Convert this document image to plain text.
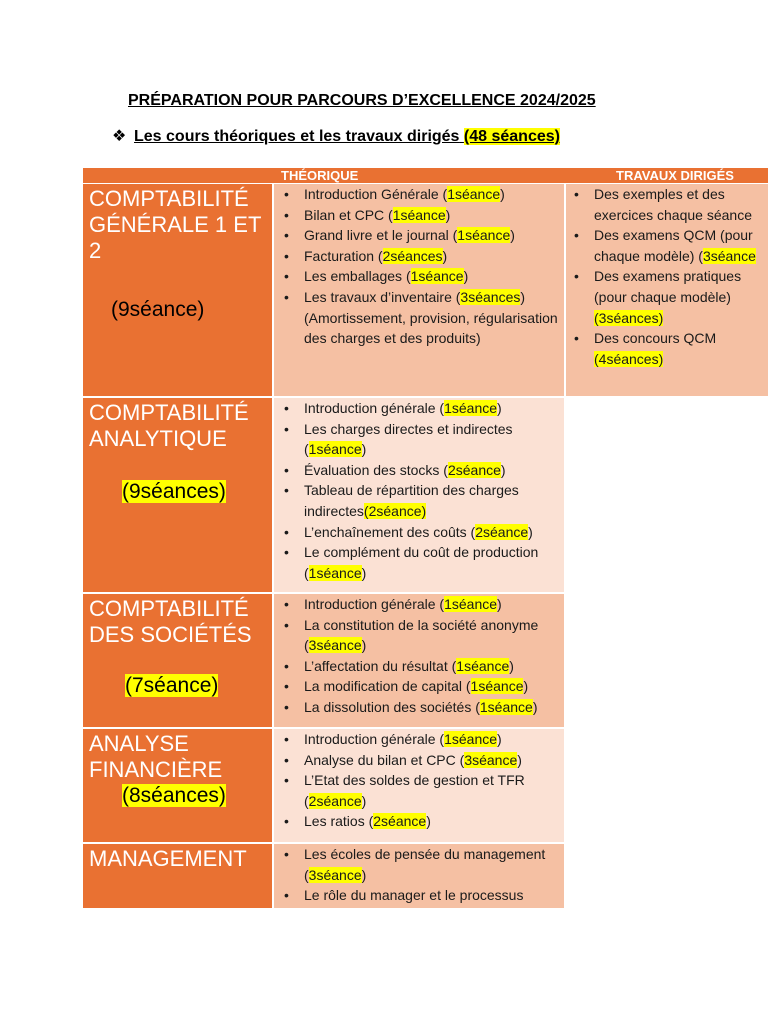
PRÉPARATION POUR PARCOURS D’EXCELLENCE 2024/2025
❖ Les cours théoriques et les travaux dirigés (48 séances)
THÉORIQUE	TRAVAUX DIRIGÉS
COMPTABILITÉ GÉNÉRALE 1 ET 2
(9séance)
• Introduction Générale (1séance)
• Bilan et CPC (1séance)
• Grand livre et le journal (1séance)
• Facturation (2séances)
• Les emballages (1séance)
• Les travaux d’inventaire (3séances) (Amortissement, provision, régularisation des charges et des produits)
• Des exemples et des exercices chaque séance
• Des examens QCM (pour chaque modèle) (3séance
• Des examens pratiques (pour chaque modèle) (3séances)
• Des concours QCM (4séances)
COMPTABILITÉ ANALYTIQUE
(9séances)
• Introduction générale (1séance)
• Les charges directes et indirectes (1séance)
• Évaluation des stocks (2séance)
• Tableau de répartition des charges indirectes(2séance)
• L’enchaînement des coûts (2séance)
• Le complément du coût de production (1séance)
COMPTABILITÉ DES SOCIÉTÉS
(7séance)
• Introduction générale (1séance)
• La constitution de la société anonyme (3séance)
• L’affectation du résultat (1séance)
• La modification de capital (1séance)
• La dissolution des sociétés (1séance)
ANALYSE FINANCIÈRE
(8séances)
• Introduction générale (1séance)
• Analyse du bilan et CPC (3séance)
• L’Etat des soldes de gestion et TFR (2séance)
• Les ratios (2séance)
MANAGEMENT
•	Les écoles de pensée du management (3séance)
• Le rôle du manager et le processus
